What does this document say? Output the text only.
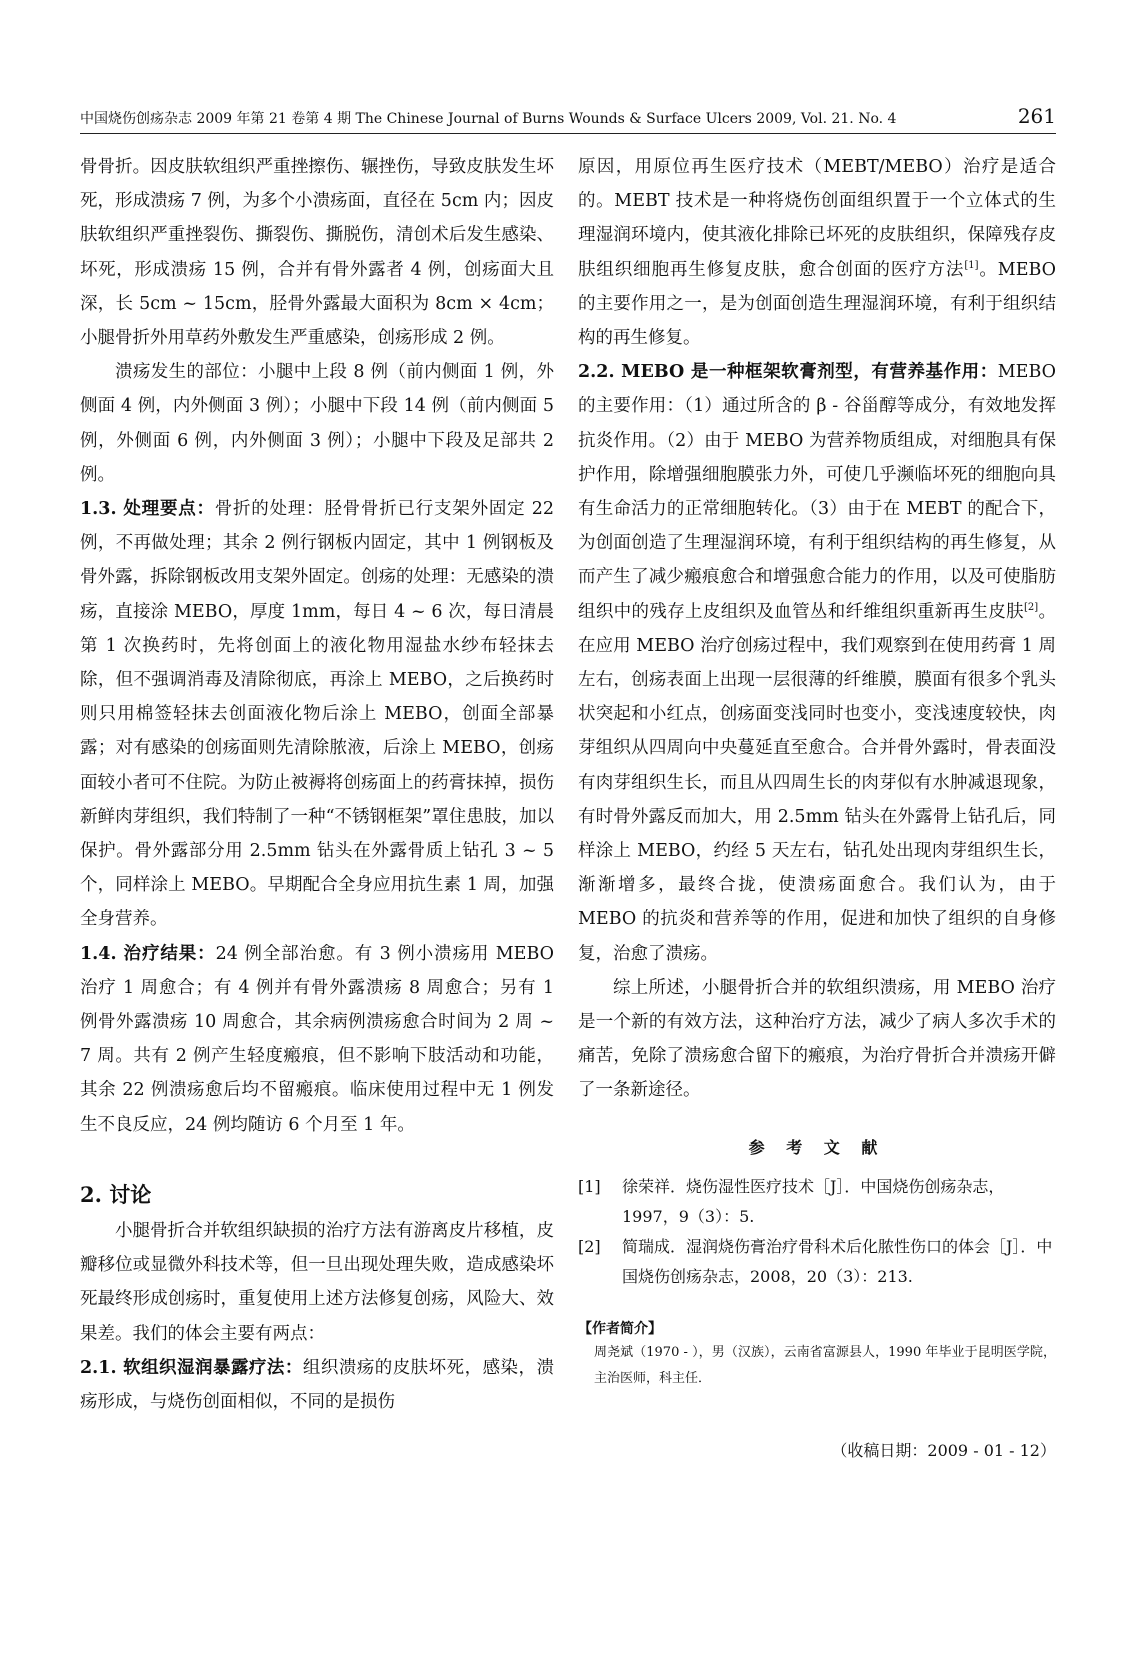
中国烧伤创疡杂志 2009 年第 21 卷第 4 期 The Chinese Journal of Burns Wounds & Surface Ulcers 2009, Vol. 21. No. 4	261

骨骨折。因皮肤软组织严重挫擦伤、辗挫伤，导致皮肤发生坏死，形成溃疡 7 例，为多个小溃疡面，直径在 5cm 内；因皮肤软组织严重挫裂伤、撕裂伤、撕脱伤，清创术后发生感染、坏死，形成溃疡 15 例，合并有骨外露者 4 例，创疡面大且深，长 5cm ~ 15cm，胫骨外露最大面积为 8cm × 4cm；小腿骨折外用草药外敷发生严重感染，创疡形成 2 例。

溃疡发生的部位：小腿中上段 8 例（前内侧面 1 例，外侧面 4 例，内外侧面 3 例）；小腿中下段 14 例（前内侧面 5 例，外侧面 6 例，内外侧面 3 例）；小腿中下段及足部共 2 例。

1.3. 处理要点：骨折的处理：胫骨骨折已行支架外固定 22 例，不再做处理；其余 2 例行钢板内固定，其中 1 例钢板及骨外露，拆除钢板改用支架外固定。创疡的处理：无感染的溃疡，直接涂 MEBO，厚度 1mm，每日 4 ~ 6 次，每日清晨第 1 次换药时，先将创面上的液化物用湿盐水纱布轻抹去除，但不强调消毒及清除彻底，再涂上 MEBO，之后换药时则只用棉签轻抹去创面液化物后涂上 MEBO，创面全部暴露；对有感染的创疡面则先清除脓液，后涂上 MEBO，创疡面较小者可不住院。为防止被褥将创疡面上的药膏抹掉，损伤新鲜肉芽组织，我们特制了一种“不锈钢框架”罩住患肢，加以保护。骨外露部分用 2.5mm 钻头在外露骨质上钻孔 3 ~ 5 个，同样涂上 MEBO。早期配合全身应用抗生素 1 周，加强全身营养。

1.4. 治疗结果：24 例全部治愈。有 3 例小溃疡用 MEBO 治疗 1 周愈合；有 4 例并有骨外露溃疡 8 周愈合；另有 1 例骨外露溃疡 10 周愈合，其余病例溃疡愈合时间为 2 周 ~ 7 周。共有 2 例产生轻度瘢痕，但不影响下肢活动和功能，其余 22 例溃疡愈后均不留瘢痕。临床使用过程中无 1 例发生不良反应，24 例均随访 6 个月至 1 年。

2. 讨论

小腿骨折合并软组织缺损的治疗方法有游离皮片移植，皮瓣移位或显微外科技术等，但一旦出现处理失败，造成感染坏死最终形成创疡时，重复使用上述方法修复创疡，风险大、效果差。我们的体会主要有两点：

2.1. 软组织湿润暴露疗法：组织溃疡的皮肤坏死，感染，溃疡形成，与烧伤创面相似，不同的是损伤

原因，用原位再生医疗技术（MEBT/MEBO）治疗是适合的。MEBT 技术是一种将烧伤创面组织置于一个立体式的生理湿润环境内，使其液化排除已坏死的皮肤组织，保障残存皮肤组织细胞再生修复皮肤，愈合创面的医疗方法[1]。MEBO 的主要作用之一，是为创面创造生理湿润环境，有利于组织结构的再生修复。

2.2. MEBO 是一种框架软膏剂型，有营养基作用：MEBO 的主要作用：（1）通过所含的 β - 谷甾醇等成分，有效地发挥抗炎作用。（2）由于 MEBO 为营养物质组成，对细胞具有保护作用，除增强细胞膜张力外，可使几乎濒临坏死的细胞向具有生命活力的正常细胞转化。（3）由于在 MEBT 的配合下，为创面创造了生理湿润环境，有利于组织结构的再生修复，从而产生了减少瘢痕愈合和增强愈合能力的作用，以及可使脂肪组织中的残存上皮组织及血管丛和纤维组织重新再生皮肤[2]。在应用 MEBO 治疗创疡过程中，我们观察到在使用药膏 1 周左右，创疡表面上出现一层很薄的纤维膜，膜面有很多个乳头状突起和小红点，创疡面变浅同时也变小，变浅速度较快，肉芽组织从四周向中央蔓延直至愈合。合并骨外露时，骨表面没有肉芽组织生长，而且从四周生长的肉芽似有水肿减退现象，有时骨外露反而加大，用 2.5mm 钻头在外露骨上钻孔后，同样涂上 MEBO，约经 5 天左右，钻孔处出现肉芽组织生长，渐渐增多，最终合拢，使溃疡面愈合。我们认为，由于 MEBO 的抗炎和营养等的作用，促进和加快了组织的自身修复，治愈了溃疡。

综上所述，小腿骨折合并的软组织溃疡，用 MEBO 治疗是一个新的有效方法，这种治疗方法，减少了病人多次手术的痛苦，免除了溃疡愈合留下的瘢痕，为治疗骨折合并溃疡开僻了一条新途径。

参 考 文 献
[1] 徐荣祥．烧伤湿性医疗技术［J］．中国烧伤创疡杂志，1997，9（3）：5.
[2] 简瑞成．湿润烧伤膏治疗骨科术后化脓性伤口的体会［J］．中国烧伤创疡杂志，2008，20（3）：213.
【作者简介】

周尧斌（1970 - ），男（汉族），云南省富源县人，1990 年毕业于昆明医学院，主治医师，科主任．

（收稿日期：2009 - 01 - 12）
